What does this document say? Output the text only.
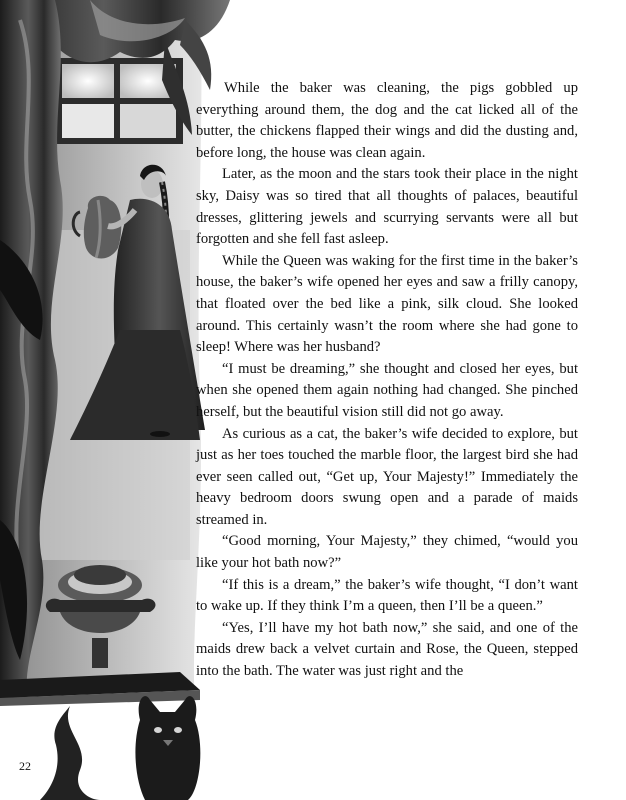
While the baker was cleaning, the pigs gobbled up everything around them, the dog and the cat licked all of the butter, the chickens flapped their wings and did the dusting and, before long, the house was clean again.

Later, as the moon and the stars took their place in the night sky, Daisy was so tired that all thoughts of palaces, beautiful dresses, glittering jewels and scurrying servants were all but forgotten and she fell fast asleep.

While the Queen was waking for the first time in the baker’s house, the baker’s wife opened her eyes and saw a frilly canopy, that floated over the bed like a pink, silk cloud. She looked around. This certainly wasn’t the room where she had gone to sleep! Where was her husband?

“I must be dreaming,” she thought and closed her eyes, but when she opened them again nothing had changed. She pinched herself, but the beautiful vision still did not go away.

As curious as a cat, the baker’s wife decided to explore, but just as her toes touched the marble floor, the largest bird she had ever seen called out, “Get up, Your Majesty!” Immediately the heavy bedroom doors swung open and a parade of maids streamed in.

“Good morning, Your Majesty,” they chimed, “would you like your hot bath now?”

“If this is a dream,” the baker’s wife thought, “I don’t want to wake up. If they think I’m a queen, then I’ll be a queen.”

“Yes, I’ll have my hot bath now,” she said, and one of the maids drew back a velvet curtain and Rose, the Queen, stepped into the bath. The water was just right and the

22
